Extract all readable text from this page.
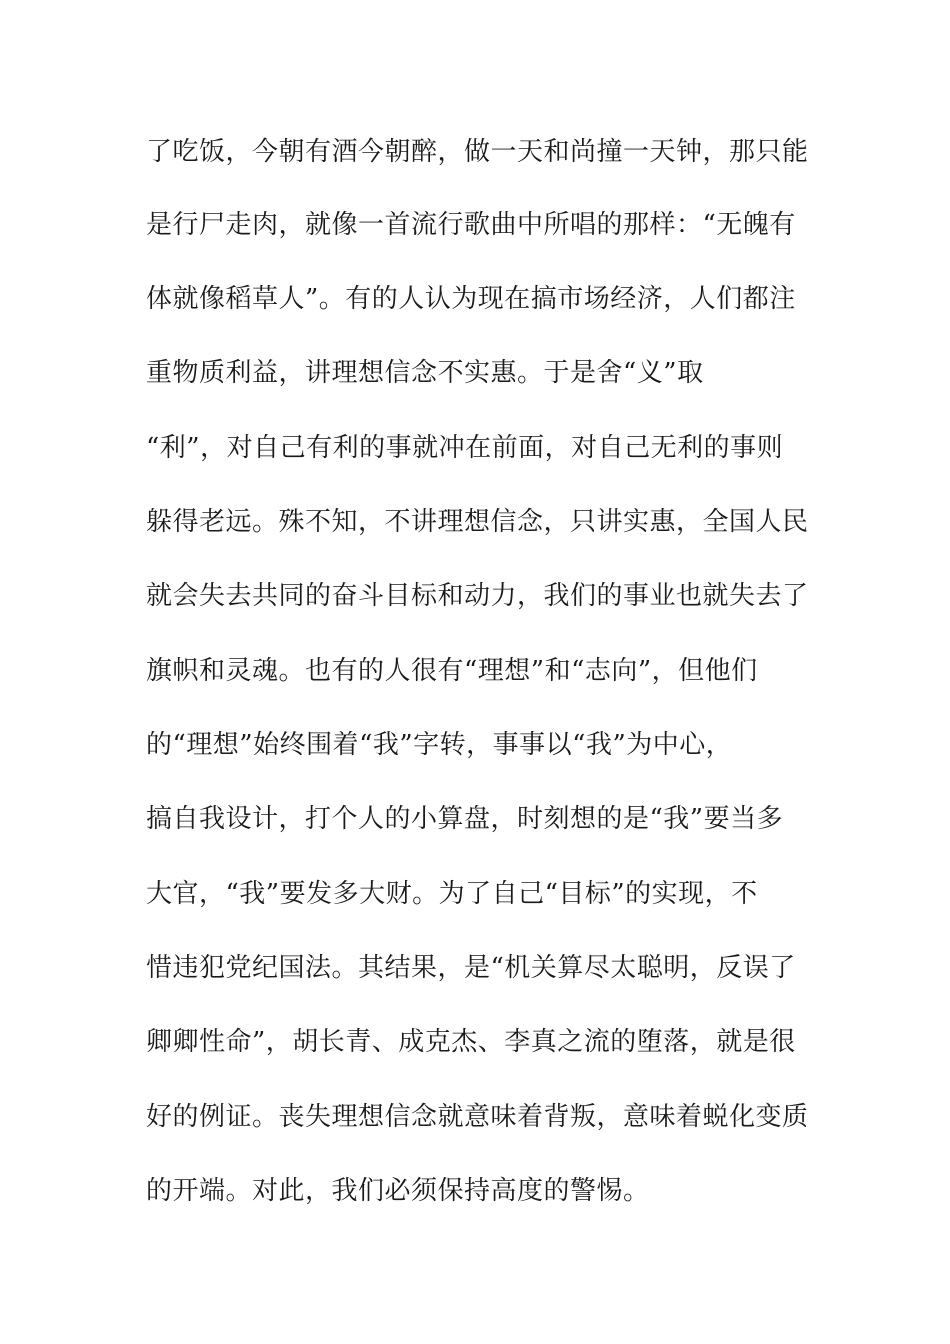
了吃饭，今朝有酒今朝醉，做一天和尚撞一天钟，那只能
是行尸走肉，就像一首流行歌曲中所唱的那样：“无魄有
体就像稻草人”。有的人认为现在搞市场经济，人们都注
重物质利益，讲理想信念不实惠。于是舍“义”取
“利”，对自己有利的事就冲在前面，对自己无利的事则
躲得老远。殊不知，不讲理想信念，只讲实惠，全国人民
就会失去共同的奋斗目标和动力，我们的事业也就失去了
旗帜和灵魂。也有的人很有“理想”和“志向”，但他们
的“理想”始终围着“我”字转，事事以“我”为中心，
搞自我设计，打个人的小算盘，时刻想的是“我”要当多
大官，“我”要发多大财。为了自己“目标”的实现，不
惜违犯党纪国法。其结果，是“机关算尽太聪明，反误了
卿卿性命”，胡长青、成克杰、李真之流的堕落，就是很
好的例证。丧失理想信念就意味着背叛，意味着蜕化变质
的开端。对此，我们必须保持高度的警惕。
